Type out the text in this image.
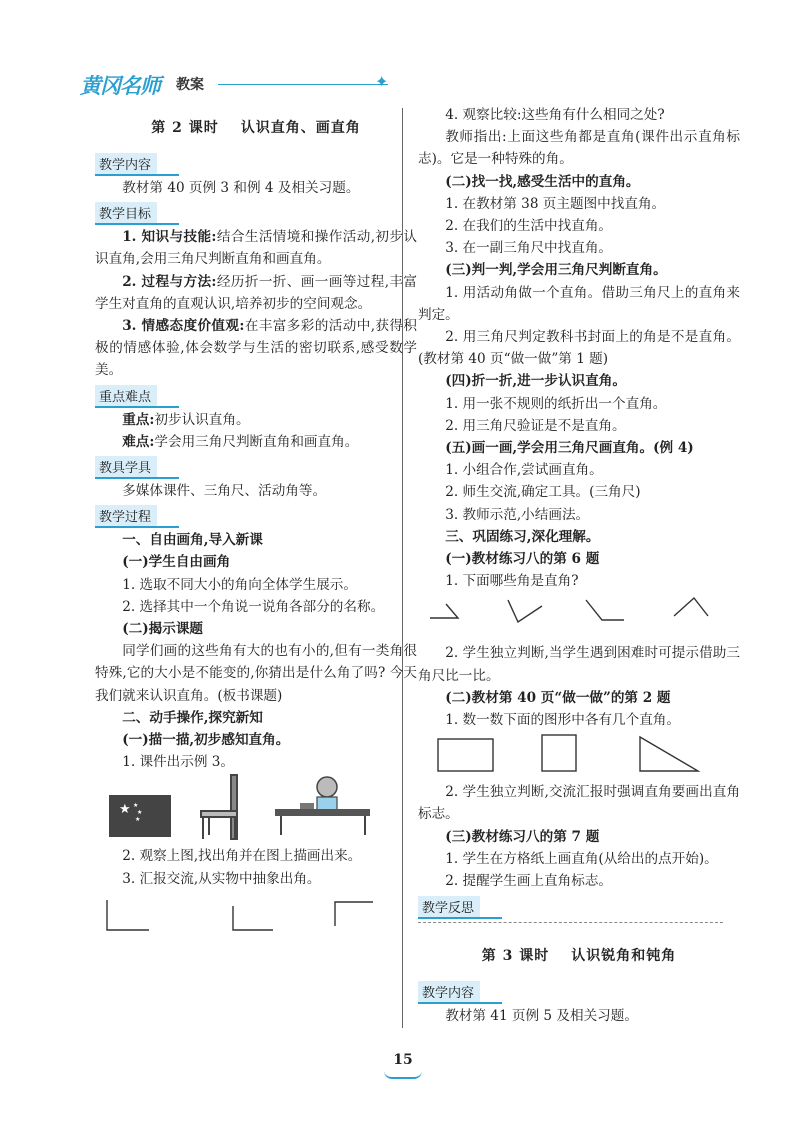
黄冈名师 教案	✦
第 2 课时 认识直角、画直角
教学内容

教材第 40 页例 3 和例 4 及相关习题。

教学目标

1. 知识与技能:结合生活情境和操作活动,初步认识直角,会用三角尺判断直角和画直角。

2. 过程与方法:经历折一折、画一画等过程,丰富学生对直角的直观认识,培养初步的空间观念。

3. 情感态度价值观:在丰富多彩的活动中,获得积极的情感体验,体会数学与生活的密切联系,感受数学美。

重点难点

重点:初步认识直角。

难点:学会用三角尺判断直角和画直角。

教具学具

多媒体课件、三角尺、活动角等。

教学过程

一、自由画角,导入新课

(一)学生自由画角

1. 选取不同大小的角向全体学生展示。

2. 选择其中一个角说一说角各部分的名称。

(二)揭示课题

同学们画的这些角有大的也有小的,但有一类角很特殊,它的大小是不能变的,你猜出是什么角了吗? 今天我们就来认识直角。(板书课题)

二、动手操作,探究新知

(一)描一描,初步感知直角。

1. 课件出示例 3。

★ ★
★
★

2. 观察上图,找出角并在图上描画出来。

3. 汇报交流,从实物中抽象出角。

4. 观察比较:这些角有什么相同之处?

教师指出:上面这些角都是直角(课件出示直角标志)。它是一种特殊的角。

(二)找一找,感受生活中的直角。

1. 在教材第 38 页主题图中找直角。

2. 在我们的生活中找直角。

3. 在一副三角尺中找直角。

(三)判一判,学会用三角尺判断直角。

1. 用活动角做一个直角。借助三角尺上的直角来判定。

2. 用三角尺判定教科书封面上的角是不是直角。(教材第 40 页“做一做”第 1 题)

(四)折一折,进一步认识直角。

1. 用一张不规则的纸折出一个直角。

2. 用三角尺验证是不是直角。

(五)画一画,学会用三角尺画直角。(例 4)

1. 小组合作,尝试画直角。

2. 师生交流,确定工具。(三角尺)

3. 教师示范,小结画法。

三、巩固练习,深化理解。

(一)教材练习八的第 6 题

1. 下面哪些角是直角?

2. 学生独立判断,当学生遇到困难时可提示借助三角尺比一比。

(二)教材第 40 页“做一做”的第 2 题

1. 数一数下面的图形中各有几个直角。

2. 学生独立判断,交流汇报时强调直角要画出直角标志。

(三)教材练习八的第 7 题

1. 学生在方格纸上画直角(从给出的点开始)。

2. 提醒学生画上直角标志。

教学反思
第 3 课时 认识锐角和钝角
教学内容

教材第 41 页例 5 及相关习题。

15
